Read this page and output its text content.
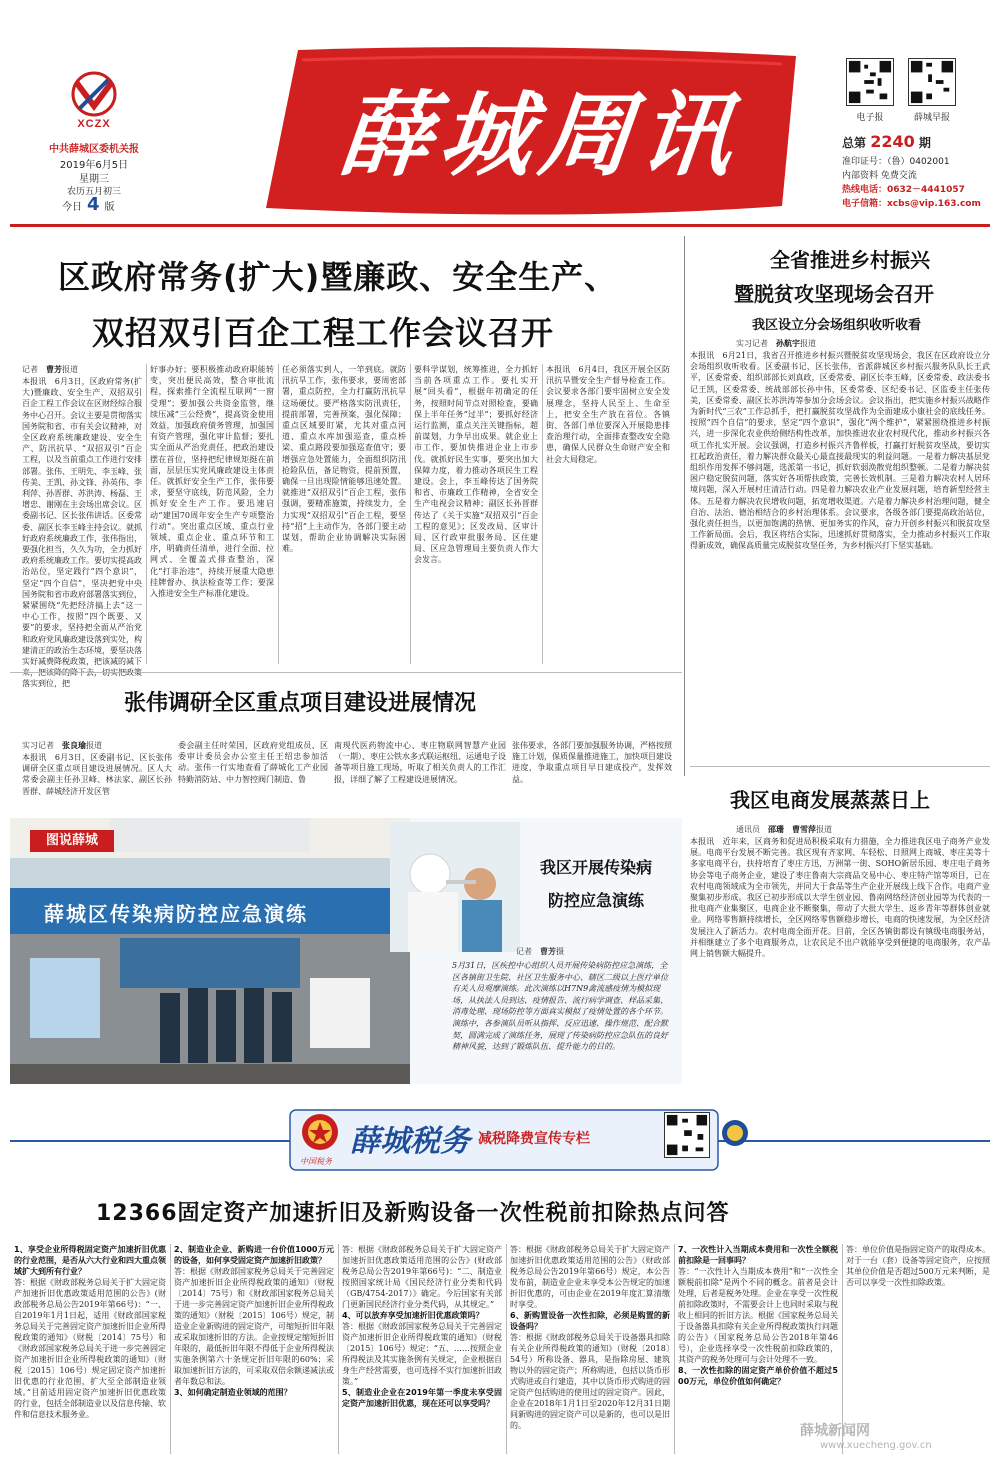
XCZX
中共薛城区委机关报
2019年6月5日
星期三
农历五月初三
今日 4 版
薛城周讯	电子报	薛城早报
总第 2240 期
准印证号：（鲁）0402001
内部资料 免费交流
热线电话：0632－4441057
电子信箱：xcbs@vip.163.com
区政府常务(扩大)暨廉政、安全生产、
双招双引百企工程工作会议召开
记者　 曹芳报道
本报讯　6月3日，区政府常务(扩大)暨廉政、安全生产、双招双引百企工程工作会议在区财经综合服务中心召开。会议主要是贯彻落实国务院和省、市有关会议精神，对全区政府系统廉政建设、安全生产、防汛抗旱、“双招双引”百企工程，以及当前重点工作进行安排部署。张伟、王明先、李玉峰、张传美、王凯、孙文锋、孙英伟、李利萍、孙晋群、苏洪涛、杨磊、王增忠、谢刚在主会场出席会议。区委副书记、区长张伟讲话。区委常委、副区长李玉峰主持会议。就抓好政府系统廉政工作，张伟指出，要强化担当，久久为功，全力抓好政府系统廉政工作。要切实提高政治站位，坚定践行“四个意识”，坚定“四个自信”，坚决把党中央国务院和省市政府部署落实到位，紧紧围绕“先把经济搞上去”这一中心工作，按照“四个既要、又要”的要求，坚持把全面从严治党和政府党风廉政建设落到实处，构建清正的政治生态环境，要坚决落实好减费降税政策，把该减的减下 落实到位，把
好事办好；要积极推动政府职能转变，突出便民高效，整合审批流程，探索推行全流程互联网“一窗受理”；要加强公共资金监管，继续压减“三公经费”，提高资金使用效益，加强政府债务管理，加强国有资产管理，强化审计监督；要扎实全面从严治党责任，把政治建设摆在首位，坚持把纪律规矩挺在前面，层层压实党风廉政建设主体责任。就抓好安全生产工作，张伟要求，要坚守底线，防范风险，全力抓好安全生产工作。要迅速启动“建国70周年安全生产专项整治行动”。突出重点区域、重点行业领域、重点企业、重点环节和工序，明确责任清单，进行全面、拉网式、全覆盖式排查整治，深化“打非治违”，持续开展重大隐患挂牌督办、执法检查等工作；要深入推进安全生产标准化建设。
任必须落实到人，一竿到底。就防汛抗旱工作，张伟要求，要周密部署，重点防控，全力打赢防汛抗旱这场硬仗。要严格落实防汛责任，提前部署，完善预案，强化保障；重点区域要盯紧，尤其对重点河道、重点水库加强巡查，重点桥梁、重点路段要加强巡查值守；要增强应急处置能力，全面组织防汛抢险队伍，备足物资，提前预置，确保一旦出现险情能够迅速处置。就推进“双招双引”百企工程，张伟强调，要精准施策，持续发力，全力实现“双招双引”百企工程，要坚持“招”上主动作为，各部门要主动谋划，帮助企业协调解决实际困难。
要科学谋划，统筹推进，全力抓好当前各项重点工作。要扎实开展“回头看”，根据年初确定的任务，按照时间节点对照检查，要确保上半年任务“过半”；要抓好经济运行监测，重点关注关键指标，超前谋划，力争早出成果。就企业上市工作，要加快推进企业上市步伐。就抓好民生实事，要突出加大保障力度，着力推动各项民生工程建设。会上，李玉峰传达了国务院和省、市廉政工作精神，全省安全生产电视会议精神；副区长孙晋群传达了《关于实施“双招双引”百企工程的意见》；区发改局、区审计局、区行政审批服务局、区住建局、区应急管理局主要负责人作大会发言。
本报讯　6月4日，我区开展全区防汛抗旱暨安全生产督导检查工作。会议要求各部门要牢固树立安全发展理念，坚持人民至上、生命至上，把安全生产放在首位。各镇街、各部门单位要深入开展隐患排查治理行动，全面排查整改安全隐患，确保人民群众生命财产安全和社会大局稳定。
全省推进乡村振兴
暨脱贫攻坚现场会召开
我区设立分会场组织收听收看
实习记者　 孙航宇报道
本报讯　6月21日，我省召开推进乡村振兴暨脱贫攻坚现场会，我区在区政府设立分会场组织收听收看。区委副书记、区长张伟，省派薛城区乡村振兴服务队队长王武平，区委常委、组织部部长刘真政，区委常委、副区长李玉峰，区委常委、政法委书记王凯，区委常委、统战部部长孙中伟，区委常委、区纪委书记、区监委主任张传美，区委常委、副区长苏洪涛等参加分会场会议。会议指出，把实施乡村振兴战略作为新时代“三农”工作总抓手，把打赢脱贫攻坚战作为全面建成小康社会的底线任务。按照“四个自信”的要求，坚定“四个意识”，强化“两个维护”，紧紧围绕推进乡村振兴，进一步深化农业供给侧结构性改革，加快推进农业农村现代化，推动乡村振兴各项工作扎实开展。会议强调，打造乡村振兴齐鲁样板，打赢打好脱贫攻坚战，要切实扛起政治责任，着力解决群众最关心最直接最现实的利益问题。一是着力解决基层党组织作用发挥不够问题，选派第一书记，抓好软弱涣散党组织整顿。二是着力解决贫困户稳定脱贫问题，落实好各项帮扶政策，完善长效机制。三是着力解决农村人居环境问题，深入开展村庄清洁行动。四是着力解决农业产业发展问题，培育新型经营主体。五是着力解决农民增收问题，拓宽增收渠道。六是着力解决乡村治理问题，健全自治、法治、德治相结合的乡村治理体系。会议要求，各级各部门要提高政治站位，强化责任担当，以更加饱满的热情、更加务实的作风，奋力开创乡村振兴和脱贫攻坚工作新局面。会后，我区将结合实际，迅速抓好贯彻落实，全力推动乡村振兴工作取得新成效，确保高质量完成脱贫攻坚任务，为乡村振兴打下坚实基础。
张伟调研全区重点项目建设进展情况
实习记者　 张良瑜报道
本报讯　6月3日，区委副书记、区长张伟调研全区重点项目建设进展情况。区人大常委会副主任孙卫峰、林法家、副区长孙晋群、薛城经济开发区管
委会副主任时荣国，区政府党组成员、区委审计委员会办公室主任王绍忠参加活动。张伟一行实地查看了薛城化工产业园特勤消防站、中力智控阀门制造、鲁
南现代医药物流中心、枣庄物联网智慧产业园（一期）、枣庄公铁水多式联运枢纽、运通电子设备等项目施工现场，听取了相关负责人的工作汇报，详细了解了工程建设进展情况。
张伟要求，各部门要加强服务协调，严格按照施工计划，保质保量推进施工，加快项目建设进度，争取重点项目早日建成投产，发挥效益。
我区电商发展蒸蒸日上
通讯员　 邵珊　曹雪萍报道
本报讯　近年来，区商务和促进局积极采取有力措施，全力推进我区电子商务产业发展。电商平台发展不断完善。我区现有齐家网、车轻松、日照网上商城、枣庄美等十多家电商平台，扶持培育了枣庄方迅，万洲第一街、SOHO新居乐园、枣庄电子商务协会等电子商务企业，建设了枣庄鲁南大宗商品交易中心、枣庄特产馆等项目，已在农村电商领域成为全市领先，并同大于食品等生产企业开展线上线下合作。电商产业聚集初步形成。我区已初步形成以大学生创业园、鲁南网络经济创业园等为代表的一批电商产业集聚区，电商企业不断聚集，带动了大批大学生、返乡青年等群体创业就业。网络零售额持续增长，全区网络零售额稳步增长，电商的快速发展，为全区经济发展注入了新活力。农村电商全面开花。目前，全区各镇街都设有镇级电商服务站，并相继建立了多个电商服务点，让农民足不出户就能享受到便捷的电商服务，农产品网上销售额大幅提升。
薛城区传染病防控应急演练
图说薛城
我区开展传染病
防控应急演练
记者　 曹芳摄
5月31日，区疾控中心组织人员开展传染病防控应急演练，全区各镇街卫生院、社区卫生服务中心、辖区二级以上医疗单位有关人员观摩演练。此次演练以H7N9禽流感疫情为模拟现场，从执法人员到达、疫情报告、流行病学调查、样品采集、消毒处理、现场防控等方面真实模拟了疫情处置的各个环节。演练中，各参演队员听从指挥、反应迅速、操作规范、配合默契，圆满完成了演练任务，展现了传染病防控应急队伍的良好精神风貌，达到了锻炼队伍、提升能力的目的。
中国税务
薛城税务 减税降费宣传专栏
12366固定资产加速折旧及新购设备一次性税前扣除热点问答
1、享受企业所得税固定资产加速折旧优惠的行业范围，是否从六大行业和四大重点领域扩大到所有行业？
答：根据《财政部税务总局关于扩大固定资产加速折旧优惠政策适用范围的公告》(财政部税务总局公告2019年第66号)：“一、自2019年1月1日起，适用《财政部国家税务总局关于完善固定资产加速折旧企业所得税政策的通知》（财税〔2014〕75号）和《财政部国家税务总局关于进一步完善固定资产加速折旧企业所得税政策的通知》（财税〔2015〕106号）规定固定资产加速折旧优惠的行业范围，扩大至全部制造业领域。”目前适用固定资产加速折旧优惠政策的行业，包括全部制造业以及信息传输、软件和信息技术服务业。
2、制造业企业、新购进一台价值1000万元的设备，如何享受固定资产加速折旧政策？
答：根据《财政部国家税务总局关于完善固定资产加速折旧企业所得税政策的通知》（财税〔2014〕75号）和《财政部国家税务总局关于进一步完善固定资产加速折旧企业所得税政策的通知》（财税〔2015〕106号）规定，制造业企业新购进的固定资产，可缩短折旧年限或采取加速折旧的方法。企业按规定缩短折旧年限的，最低折旧年限不得低于企业所得税法实施条例第六十条规定折旧年限的60%；采取加速折旧方法的，可采取双倍余额递减法或者年数总和法。
3、如何确定制造业领域的范围？
答：根据《财政部税务总局关于扩大固定资产加速折旧优惠政策适用范围的公告》(财政部税务总局公告2019年第66号)：“二、制造业按照国家统计局《国民经济行业分类和代码（GB/4754-2017）》确定。今后国家有关部门更新国民经济行业分类代码，从其规定。”
4、可以放弃享受加速折旧优惠政策吗？
答：根据《财政部国家税务总局关于完善固定资产加速折旧企业所得税政策的通知》（财税〔2015〕106号）规定：“五、……按照企业所得税法及其实施条例有关规定，企业根据自身生产经营需要，也可选择不实行加速折旧政策。”
5、制造业企业在2019年第一季度未享受固定资产加速折旧优惠，现在还可以享受吗？
答：根据《财政部税务总局关于扩大固定资产加速折旧优惠政策适用范围的公告》（财政部税务总局公告2019年第66号）规定，本公告发布前，制造业企业未享受本公告规定的加速折旧优惠的，可由企业在2019年度汇算清缴时享受。
6、新购置设备一次性扣除，必须是购置的新设备吗？
答：根据《财政部税务总局关于设备器具扣除有关企业所得税政策的通知》（财税〔2018〕54号）所称设备、器具，是指除房屋、建筑物以外的固定资产；所称购进，包括以货币形式购进或自行建造，其中以货币形式购进的固定资产包括购进的使用过的固定资产。因此，企业在2018年1月1日至2020年12月31日期间新购进的固定资产可以是新的，也可以是旧的。
7、一次性计入当期成本费用和一次性全额税前扣除是一回事吗？
答：“一次性计入当期成本费用”和“一次性全额税前扣除”是两个不同的概念。前者是会计处理，后者是税务处理。企业在享受一次性税前扣除政策时，不需要会计上也同时采取与税收上相同的折旧方法。根据《国家税务总局关于设备器具扣除有关企业所得税政策执行问题的公告》（国家税务总局公告2018年第46号），企业选择享受一次性税前扣除政策的，其资产的税务处理可与会计处理不一致。
8、一次性扣除的固定资产单价价值不超过500万元，单位价值如何确定？
答：单位价值是指固定资产的取得成本。对于一台（套）设备等固定资产，应按照其单位价值是否超过500万元来判断，是否可以享受一次性扣除政策。
薛城新闻网
www.xuecheng.gov.cn
